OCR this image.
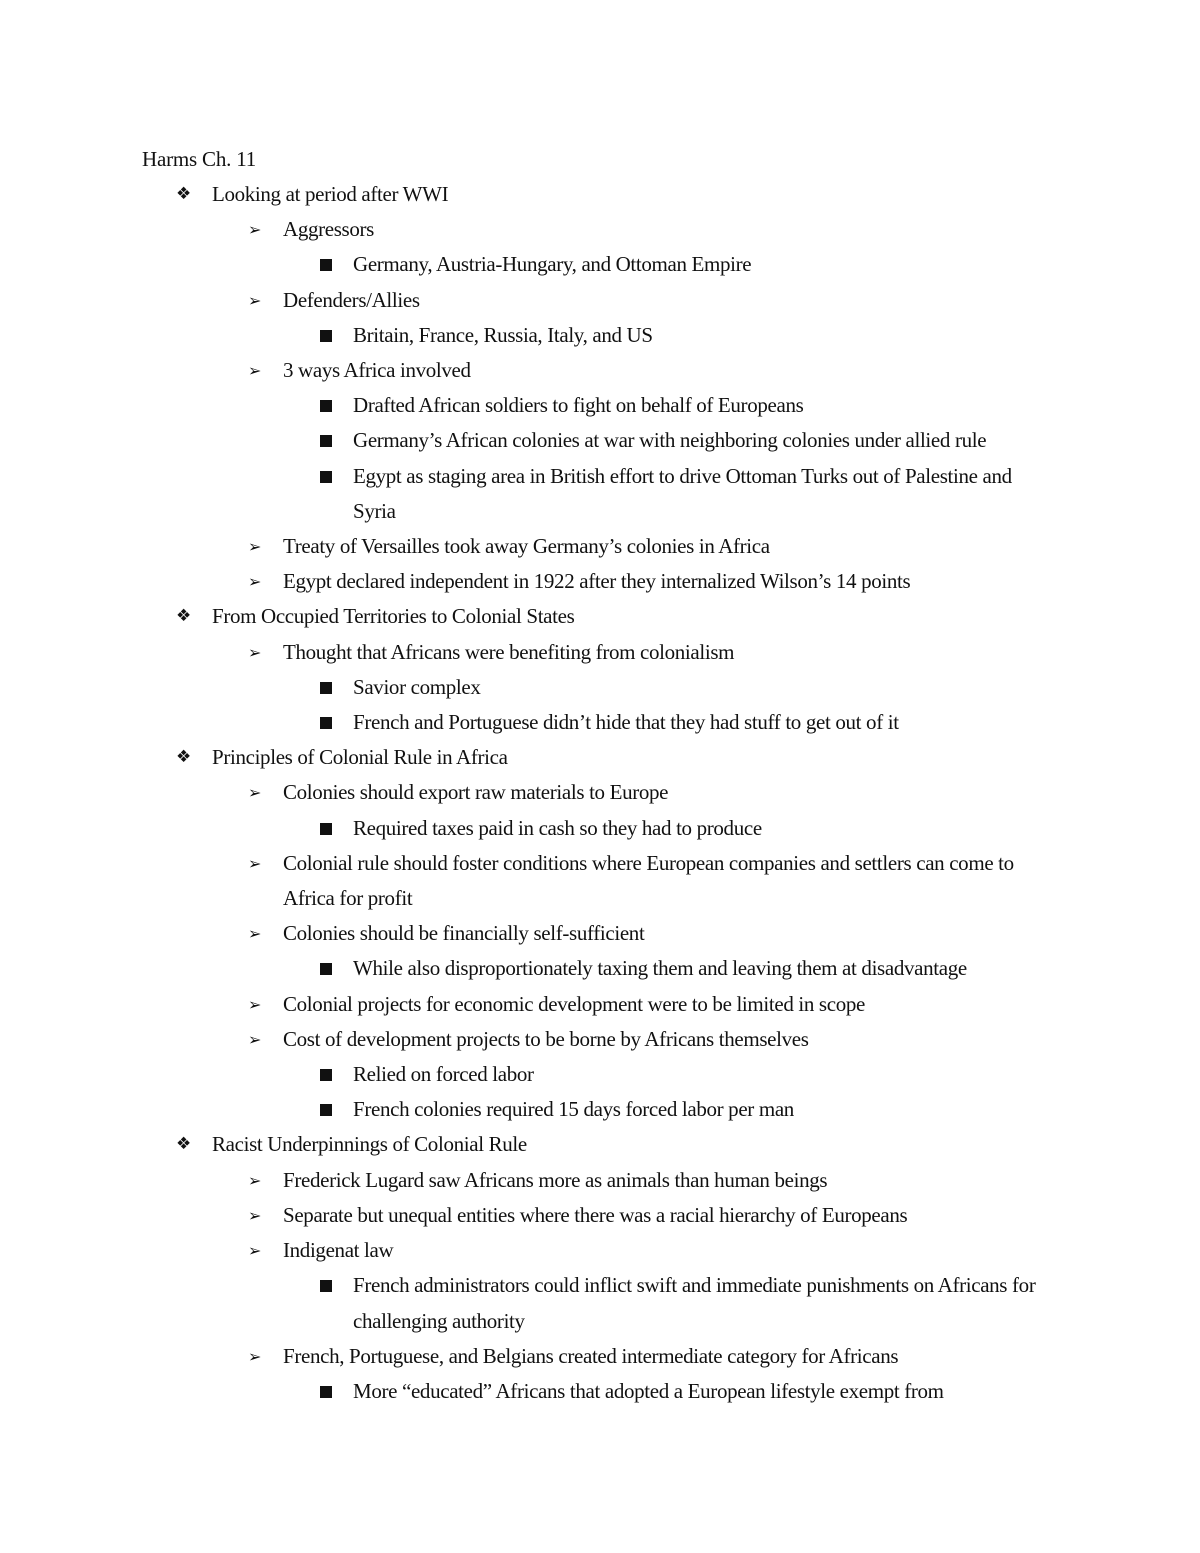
Harms Ch. 11
❖ Looking at period after WWI
➢ Aggressors
Germany, Austria-Hungary, and Ottoman Empire
➢ Defenders/Allies
Britain, France, Russia, Italy, and US
➢ 3 ways Africa involved
Drafted African soldiers to fight on behalf of Europeans
Germany’s African colonies at war with neighboring colonies under allied rule
Egypt as staging area in British effort to drive Ottoman Turks out of Palestine and Syria
➢ Treaty of Versailles took away Germany’s colonies in Africa
➢ Egypt declared independent in 1922 after they internalized Wilson’s 14 points
❖ From Occupied Territories to Colonial States
➢ Thought that Africans were benefiting from colonialism
Savior complex
French and Portuguese didn’t hide that they had stuff to get out of it
❖ Principles of Colonial Rule in Africa
➢ Colonies should export raw materials to Europe
Required taxes paid in cash so they had to produce
➢ Colonial rule should foster conditions where European companies and settlers can come to Africa for profit
➢ Colonies should be financially self-sufficient
While also disproportionately taxing them and leaving them at disadvantage
➢ Colonial projects for economic development were to be limited in scope
➢ Cost of development projects to be borne by Africans themselves
Relied on forced labor
French colonies required 15 days forced labor per man
❖ Racist Underpinnings of Colonial Rule
➢ Frederick Lugard saw Africans more as animals than human beings
➢ Separate but unequal entities where there was a racial hierarchy of Europeans
➢ Indigenat law
French administrators could inflict swift and immediate punishments on Africans for challenging authority
➢ French, Portuguese, and Belgians created intermediate category for Africans
More “educated” Africans that adopted a European lifestyle exempt from
